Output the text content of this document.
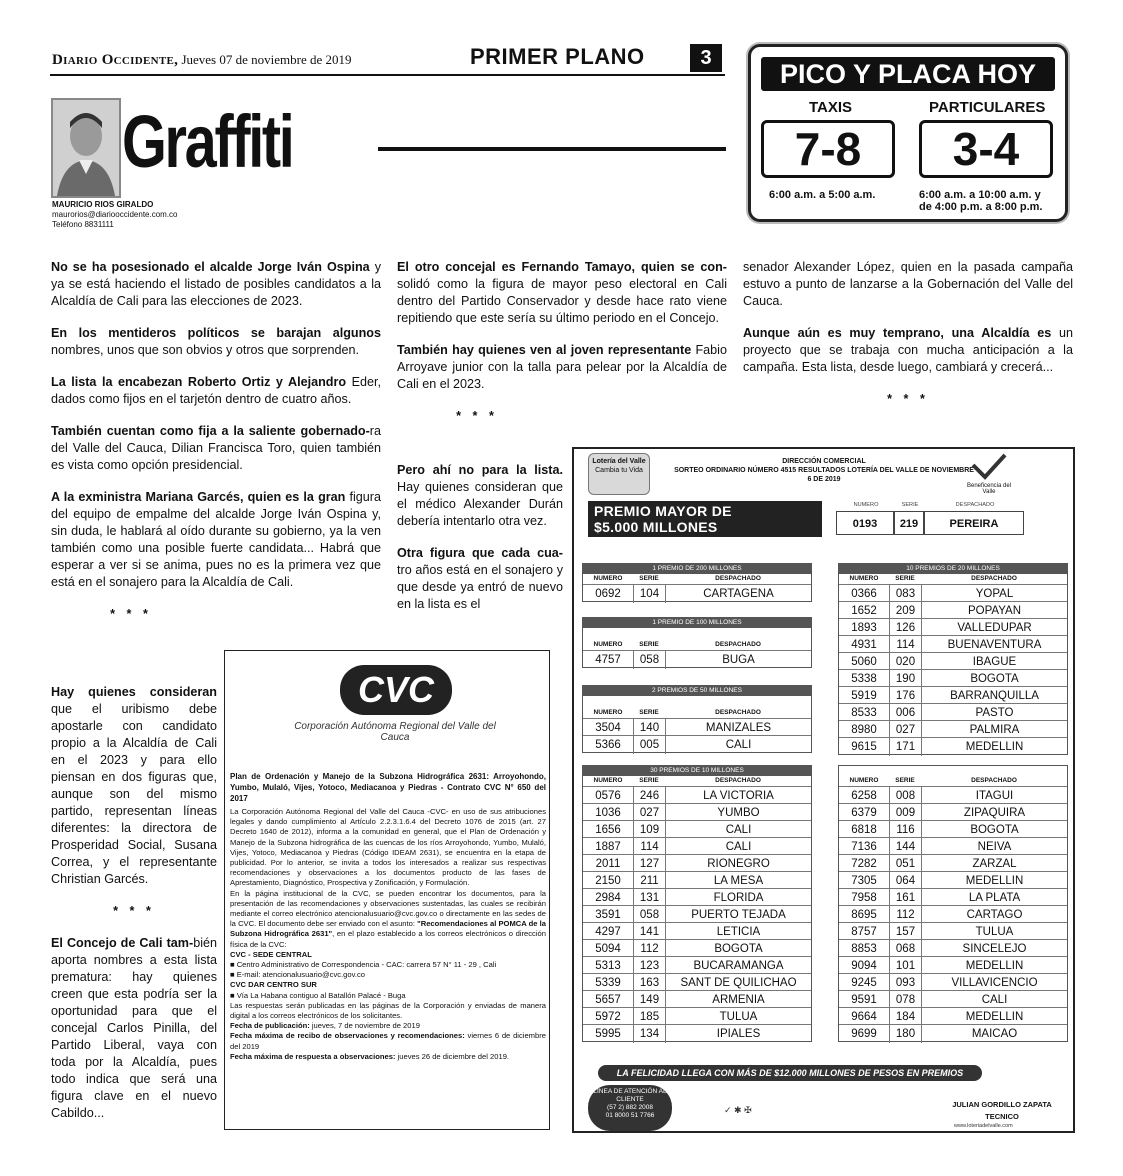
Diario Occidente, Jueves 07 de noviembre de 2019	PRIMER PLANO	3
Graffiti
MAURICIO RIOS GIRALDO
maurorios@diariooccidente.com.co
Teléfono 8831111
PICO Y PLACA HOY
TAXIS	PARTICULARES
7-8	3-4
6:00 a.m. a 5:00 a.m.	6:00 a.m. a 10:00 a.m. y
de 4:00 p.m. a 8:00 p.m.

No se ha posesionado el alcalde Jorge Iván Ospina y ya se está haciendo el listado de posibles candidatos a la Alcaldía de Cali para las elecciones de 2023.

En los mentideros políticos se barajan algunos nombres, unos que son obvios y otros que sorprenden.

La lista la encabezan Roberto Ortiz y Alejandro Eder, dados como fijos en el tarjetón dentro de cuatro años.

También cuentan como fija a la saliente gobernado-ra del Valle del Cauca, Dilian Francisca Toro, quien también es vista como opción presidencial.

A la exministra Mariana Garcés, quien es la gran figura del equipo de empalme del alcalde Jorge Iván Ospina y, sin duda, le hablará al oído durante su gobierno, ya la ven también como una posible fuerte candidata... Habrá que esperar a ver si se anima, pues no es la primera vez que está en el sonajero para la Alcaldía de Cali.

* * *

Hay quienes consideran que el uribismo debe apostarle con candidato propio a la Alcaldía de Cali en el 2023 y para ello piensan en dos figuras que, aunque son del mismo partido, representan líneas diferentes: la directora de Prosperidad Social, Susana Correa, y el representante Christian Garcés.

* * *

El Concejo de Cali tam-bién aporta nombres a esta lista prematura: hay quienes creen que esta podría ser la oportunidad para que el concejal Carlos Pinilla, del Partido Liberal, vaya con toda por la Alcaldía, pues todo indica que será una figura clave en el nuevo Cabildo...

El otro concejal es Fernando Tamayo, quien se con-solidó como la figura de mayor peso electoral en Cali dentro del Partido Conservador y desde hace rato viene repitiendo que este sería su último periodo en el Concejo.

También hay quienes ven al joven representante Fabio Arroyave junior con la talla para pelear por la Alcaldía de Cali en el 2023.

* * *

Pero ahí no para la lista. Hay quienes consideran que el médico Alexander Durán debería intentarlo otra vez.

Otra figura que cada cua-tro años está en el sonajero y que desde ya entró de nuevo en la lista es el

senador Alexander López, quien en la pasada campaña estuvo a punto de lanzarse a la Gobernación del Valle del Cauca.

Aunque aún es muy temprano, una Alcaldía es un proyecto que se trabaja con mucha anticipación a la campaña. Esta lista, desde luego, cambiará y crecerá...

* * *
CVC
Corporación Autónoma Regional del Valle del Cauca

Plan de Ordenación y Manejo de la Subzona Hidrográfica 2631: Arroyohondo, Yumbo, Mulaló, Vijes, Yotoco, Mediacanoa y Piedras - Contrato CVC N° 650 del 2017

La Corporación Autónoma Regional del Valle del Cauca -CVC- en uso de sus atribuciones legales y dando cumplimiento al Artículo 2.2.3.1.6.4 del Decreto 1076 de 2015 (art. 27 Decreto 1640 de 2012), informa a la comunidad en general, que el Plan de Ordenación y Manejo de la Subzona hidrográfica de las cuencas de los ríos Arroyohondo, Yumbo, Mulaló, Vijes, Yotoco, Mediacanoa y Piedras (Código IDEAM 2631), se encuentra en la etapa de publicidad. Por lo anterior, se invita a todos los interesados a realizar sus respectivas recomendaciones y observaciones a los documentos producto de las fases de Aprestamiento, Diagnóstico, Prospectiva y Zonificación, y Formulación.

En la página institucional de la CVC, se pueden encontrar los documentos, para la presentación de las recomendaciones y observaciones sustentadas, las cuales se recibirán mediante el correo electrónico atencionalusuario@cvc.gov.co o directamente en las sedes de la CVC. El documento debe ser enviado con el asunto: "Recomendaciones al POMCA de la Subzona Hidrográfica 2631", en el plazo establecido a los correos electrónicos o dirección física de la CVC:

CVC - SEDE CENTRAL

■ Centro Administrativo de Correspondencia - CAC: carrera 57 N° 11 - 29 , Cali

■ E-mail: atencionalusuario@cvc.gov.co

CVC DAR CENTRO SUR

■ Vía La Habana contiguo al Batallón Palacé - Buga

Las respuestas serán publicadas en las páginas de la Corporación y enviadas de manera digital a los correos electrónicos de los solicitantes.

Fecha de publicación: jueves, 7 de noviembre de 2019

Fecha máxima de recibo de observaciones y recomendaciones: viernes 6 de diciembre del 2019

Fecha máxima de respuesta a observaciones: jueves 26 de diciembre del 2019.

Lotería del Valle
Cambia tu Vida
DIRECCIÓN COMERCIAL
SORTEO ORDINARIO NÚMERO 4515 RESULTADOS LOTERÍA DEL VALLE DE NOVIEMBRE 6 DE 2019
Beneficencia del Valle
PREMIO MAYOR DE
$5.000 MILLONES
NUMERO	SERIE	DESPACHADO
0193	219	PEREIRA
1 PREMIO DE 200 MILLONES
NUMERO	SERIE	DESPACHADO
0692	104	CARTAGENA
10 PREMIOS DE 20 MILLONES
NUMERO	SERIE	DESPACHADO
0366	083	YOPAL
1652	209	POPAYAN
1893	126	VALLEDUPAR
4931	114	BUENAVENTURA
5060	020	IBAGUE
5338	190	BOGOTA
5919	176	BARRANQUILLA
8533	006	PASTO
8980	027	PALMIRA
9615	171	MEDELLIN
1 PREMIO DE 100 MILLONES
NUMERO	SERIE	DESPACHADO
4757	058	BUGA
2 PREMIOS DE 50 MILLONES
NUMERO	SERIE	DESPACHADO
3504	140	MANIZALES
5366	005	CALI
30 PREMIOS DE 10 MILLONES
NUMERO	SERIE	DESPACHADO
0576	246	LA VICTORIA
1036	027	YUMBO
1656	109	CALI
1887	114	CALI
2011	127	RIONEGRO
2150	211	LA MESA
2984	131	FLORIDA
3591	058	PUERTO TEJADA
4297	141	LETICIA
5094	112	BOGOTA
5313	123	BUCARAMANGA
5339	163	SANT DE QUILICHAO
5657	149	ARMENIA
5972	185	TULUA
5995	134	IPIALES
NUMERO	SERIE	DESPACHADO
6258	008	ITAGUI
6379	009	ZIPAQUIRA
6818	116	BOGOTA
7136	144	NEIVA
7282	051	ZARZAL
7305	064	MEDELLIN
7958	161	LA PLATA
8695	112	CARTAGO
8757	157	TULUA
8853	068	SINCELEJO
9094	101	MEDELLIN
9245	093	VILLAVICENCIO
9591	078	CALI
9664	184	MEDELLIN
9699	180	MAICAO
LA FELICIDAD LLEGA CON MÁS DE $12.000 MILLONES DE PESOS EN PREMIOS
LINEA DE ATENCIÓN AL CLIENTE
(57 2) 882 2008
01 8000 51 7766
✓ ✱ ✠
JULIAN GORDILLO ZAPATA
TECNICO
www.loteriadelvalle.com
